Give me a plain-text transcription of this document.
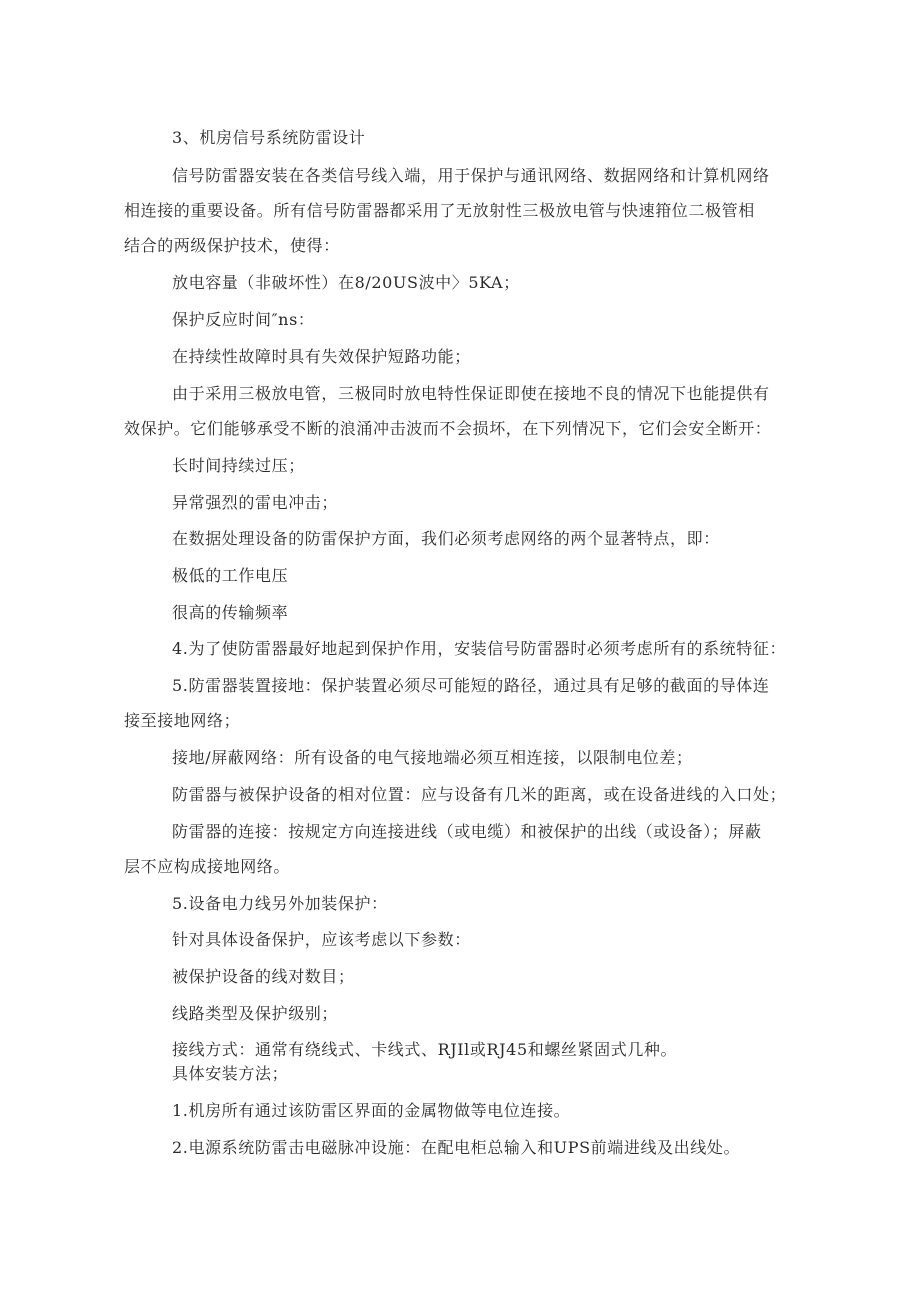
3、机房信号系统防雷设计
信号防雷器安装在各类信号线入端，用于保护与通讯网络、数据网络和计算机网络
相连接的重要设备。所有信号防雷器都采用了无放射性三极放电管与快速箝位二极管相
结合的两级保护技术，使得：
放电容量（非破坏性）在8/20US波中〉5KA；
保护反应时间″ns：
在持续性故障时具有失效保护短路功能；
由于采用三极放电管，三极同时放电特性保证即使在接地不良的情况下也能提供有
效保护。它们能够承受不断的浪涌冲击波而不会损坏，在下列情况下，它们会安全断开：
长时间持续过压；
异常强烈的雷电冲击；
在数据处理设备的防雷保护方面，我们必须考虑网络的两个显著特点，即：
极低的工作电压
很高的传输频率
4.为了使防雷器最好地起到保护作用，安装信号防雷器时必须考虑所有的系统特征：
5.防雷器装置接地：保护装置必须尽可能短的路径，通过具有足够的截面的导体连
接至接地网络；
接地/屏蔽网络：所有设备的电气接地端必须互相连接，以限制电位差；
防雷器与被保护设备的相对位置：应与设备有几米的距离，或在设备进线的入口处；
防雷器的连接：按规定方向连接进线（或电缆）和被保护的出线（或设备）；屏蔽
层不应构成接地网络。
5.设备电力线另外加装保护：
针对具体设备保护，应该考虑以下参数：
被保护设备的线对数目；
线路类型及保护级别；
接线方式：通常有绕线式、卡线式、RJIl或RJ45和螺丝紧固式几种。
具体安装方法；
1.机房所有通过该防雷区界面的金属物做等电位连接。
2.电源系统防雷击电磁脉冲设施：在配电柜总输入和UPS前端进线及出线处。
